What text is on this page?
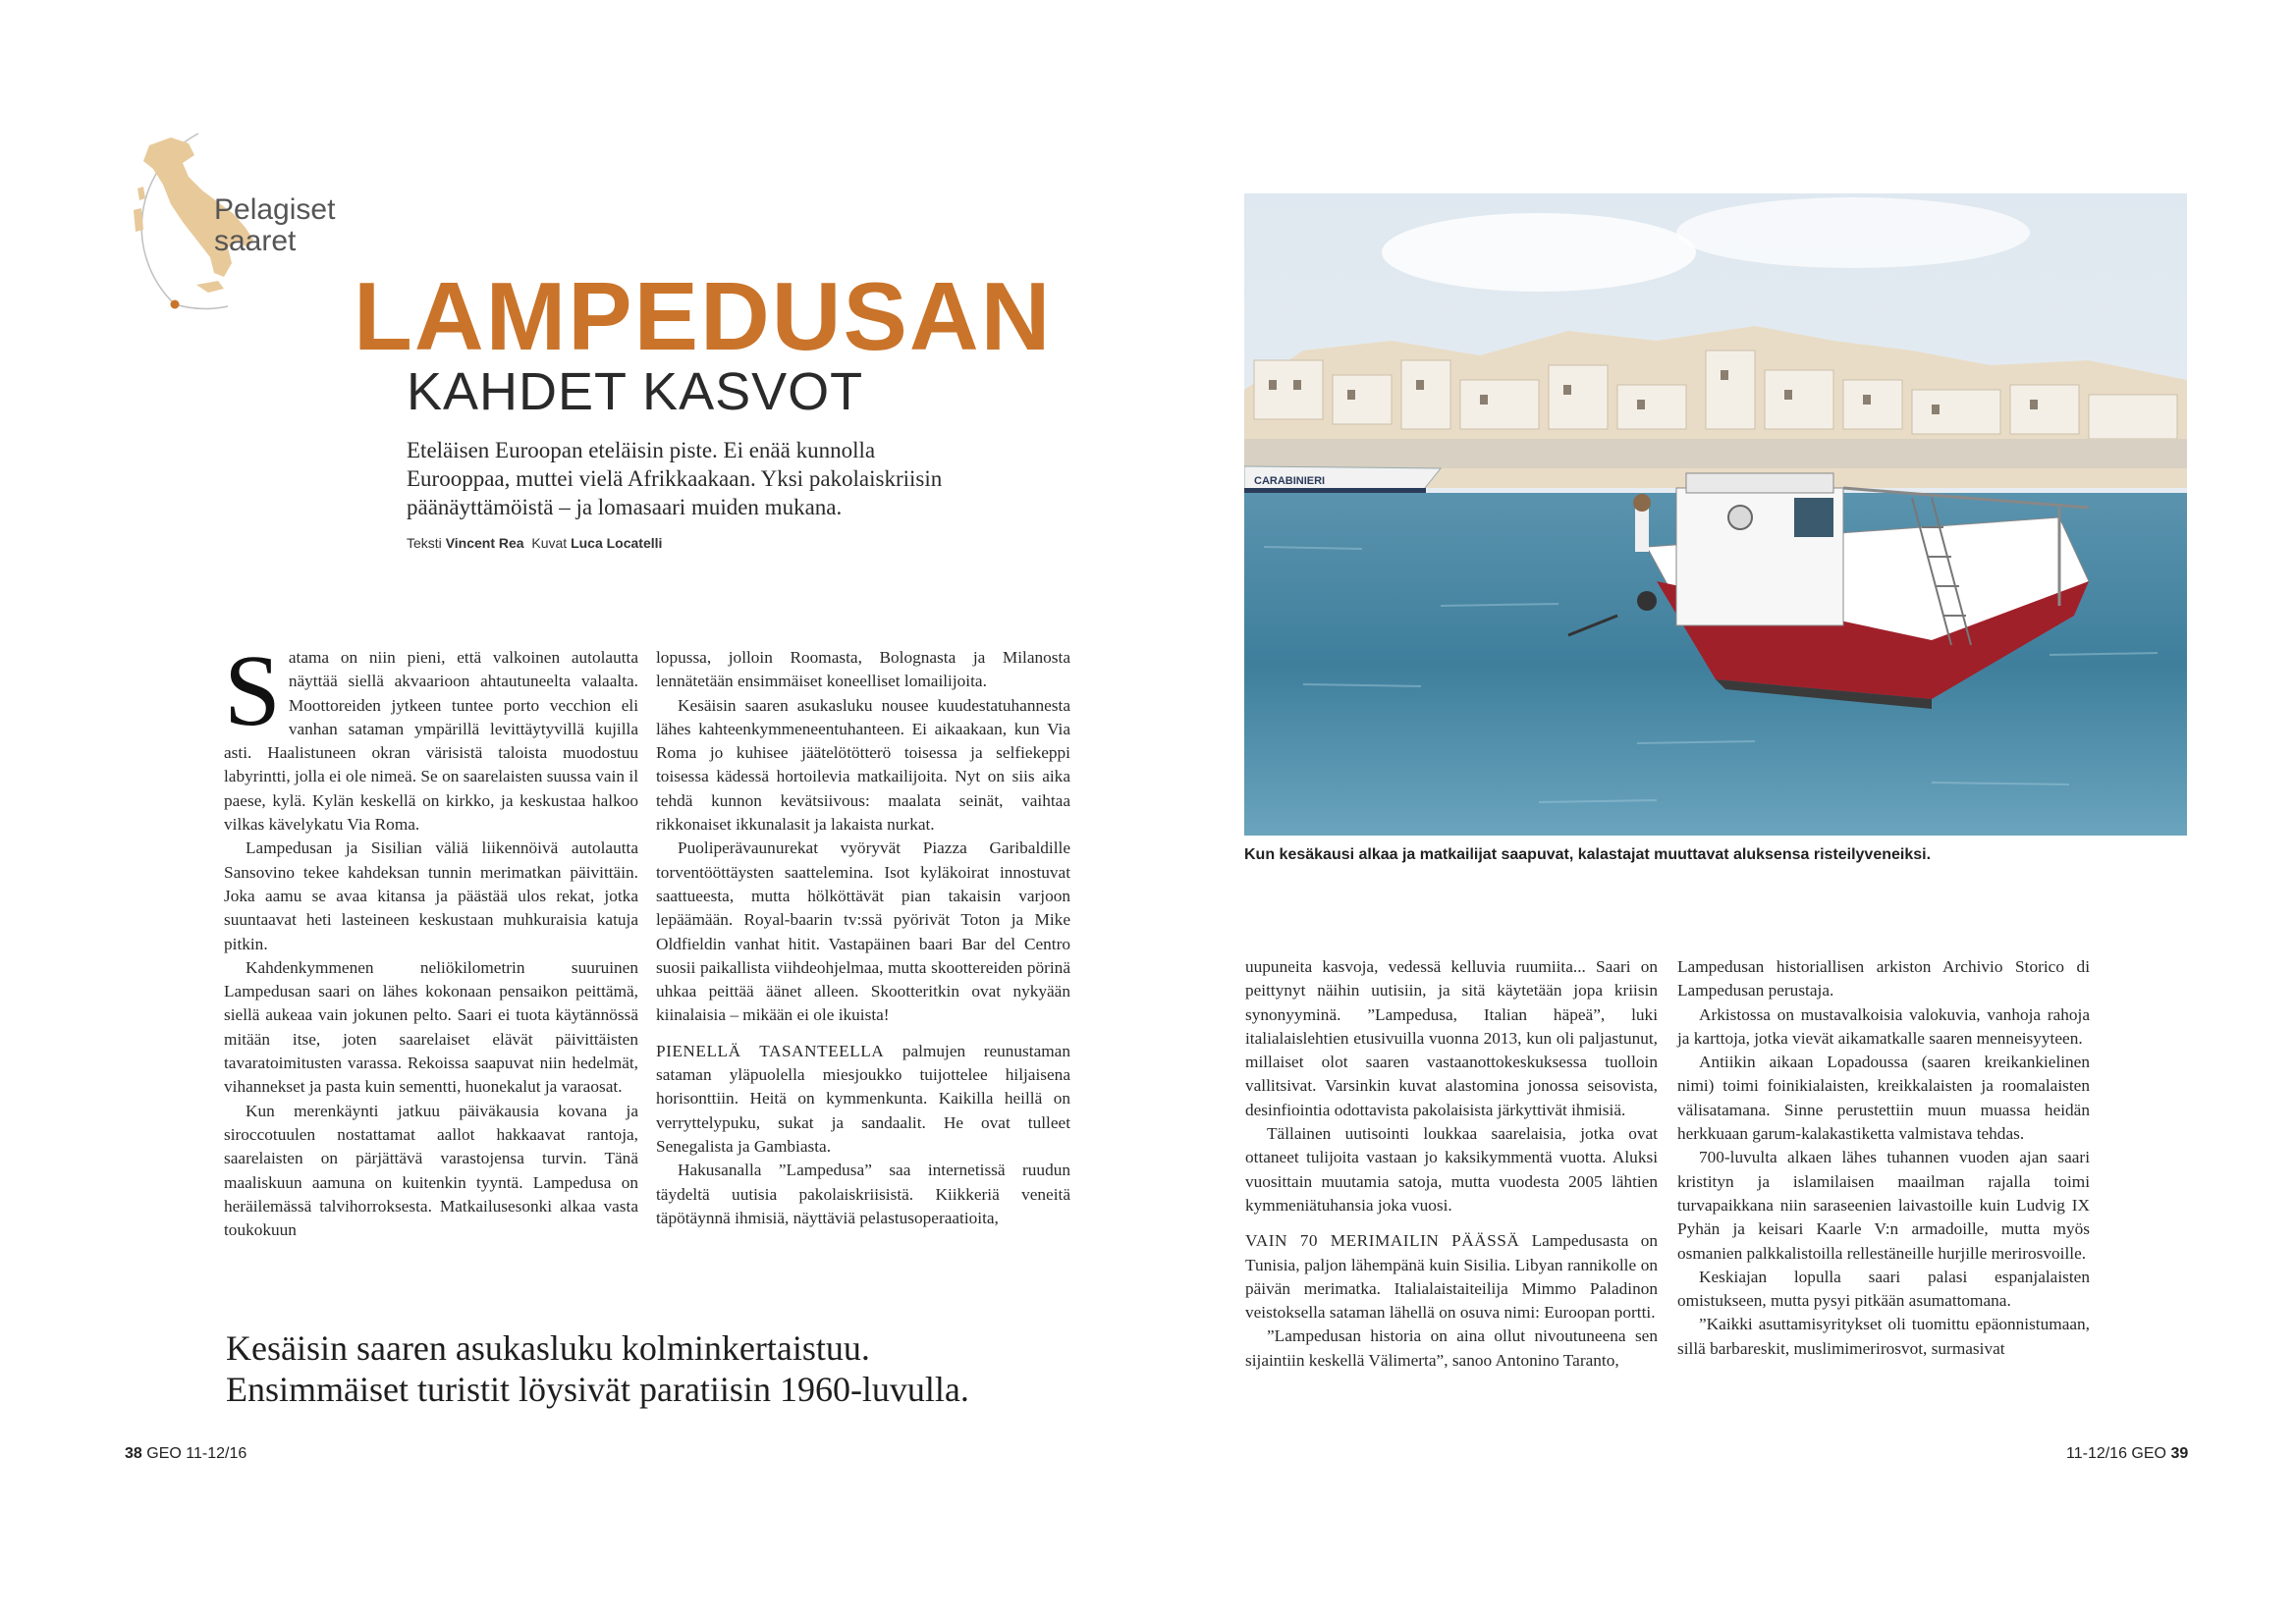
Pelagiset
saaret
LAMPEDUSAN
KAHDET KASVOT
Eteläisen Euroopan eteläisin piste. Ei enää kunnolla Eurooppaa, muttei vielä Afrikkaakaan. Yksi pakolaiskriisin päänäyttämöistä – ja lomasaari muiden mukana.
Teksti Vincent Rea Kuvat Luca Locatelli

Satama on niin pieni, että valkoinen autolautta näyttää siellä akvaarioon ahtautuneelta valaalta. Moottoreiden jytkeen tuntee porto vecchion eli vanhan sataman ympärillä levittäytyvillä kujilla asti. Haalistuneen okran värisistä taloista muodostuu labyrintti, jolla ei ole nimeä. Se on saarelaisten suussa vain il paese, kylä. Kylän keskellä on kirkko, ja keskustaa halkoo vilkas kävelykatu Via Roma.

Lampedusan ja Sisilian väliä liikennöivä autolautta Sansovino tekee kahdeksan tunnin merimatkan päivittäin. Joka aamu se avaa kitansa ja päästää ulos rekat, jotka suuntaavat heti lasteineen keskustaan muhkuraisia katuja pitkin.

Kahdenkymmenen neliökilometrin suuruinen Lampedusan saari on lähes kokonaan pensaikon peittämä, siellä aukeaa vain jokunen pelto. Saari ei tuota käytännössä mitään itse, joten saarelaiset elävät päivittäisten tavaratoimitusten varassa. Rekoissa saapuvat niin hedelmät, vihannekset ja pasta kuin sementti, huonekalut ja varaosat.

Kun merenkäynti jatkuu päiväkausia kovana ja siroccotuulen nostattamat aallot hakkaavat rantoja, saarelaisten on pärjättävä varastojensa turvin. Tänä maaliskuun aamuna on kuitenkin tyyntä. Lampedusa on heräilemässä talvihorroksesta. Matkailusesonki alkaa vasta toukokuun

lopussa, jolloin Roomasta, Bolognasta ja Milanosta lennätetään ensimmäiset koneelliset lomailijoita.

Kesäisin saaren asukasluku nousee kuudestatuhannesta lähes kahteenkymmeneentuhanteen. Ei aikaakaan, kun Via Roma jo kuhisee jäätelötötterö toisessa ja selfiekeppi toisessa kädessä hortoilevia matkailijoita. Nyt on siis aika tehdä kunnon kevätsiivous: maalata seinät, vaihtaa rikkonaiset ikkunalasit ja lakaista nurkat.

Puoliperävaunurekat vyöryvät Piazza Garibaldille torventööttäysten saattelemina. Isot kyläkoirat innostuvat saattueesta, mutta hölköttävät pian takaisin varjoon lepäämään. Royal-baarin tv:ssä pyörivät Toton ja Mike Oldfieldin vanhat hitit. Vastapäinen baari Bar del Centro suosii paikallista viihdeohjelmaa, mutta skoottereiden pörinä uhkaa peittää äänet alleen. Skootteritkin ovat nykyään kiinalaisia – mikään ei ole ikuista!

PIENELLÄ TASANTEELLA palmujen reunustaman sataman yläpuolella miesjoukko tuijottelee hiljaisena horisonttiin. Heitä on kymmenkunta. Kaikilla heillä on verryttelypuku, sukat ja sandaalit. He ovat tulleet Senegalista ja Gambiasta.

Hakusanalla ”Lampedusa” saa internetissä ruudun täydeltä uutisia pakolaiskriisistä. Kiikkeriä veneitä täpötäynnä ihmisiä, näyttäviä pelastusoperaatioita,

Kesäisin saaren asukasluku kolminkertaistuu.
Ensimmäiset turistit löysivät paratiisin 1960-luvulla.
CARABINIERI
Kun kesäkausi alkaa ja matkailijat saapuvat, kalastajat muuttavat aluksensa risteilyveneiksi.

uupuneita kasvoja, vedessä kelluvia ruumiita... Saari on peittynyt näihin uutisiin, ja sitä käytetään jopa kriisin synonyyminä. ”Lampedusa, Italian häpeä”, luki italialaislehtien etusivuilla vuonna 2013, kun oli paljastunut, millaiset olot saaren vastaanottokeskuksessa tuolloin vallitsivat. Varsinkin kuvat alastomina jonossa seisovista, desinfiointia odottavista pakolaisista järkyttivät ihmisiä.

Tällainen uutisointi loukkaa saarelaisia, jotka ovat ottaneet tulijoita vastaan jo kaksikymmentä vuotta. Aluksi vuosittain muutamia satoja, mutta vuodesta 2005 lähtien kymmeniätuhansia joka vuosi.

VAIN 70 MERIMAILIN PÄÄSSÄ Lampedusasta on Tunisia, paljon lähempänä kuin Sisilia. Libyan rannikolle on päivän merimatka. Italialaistaiteilija Mimmo Paladinon veistoksella sataman lähellä on osuva nimi: Euroopan portti.

”Lampedusan historia on aina ollut nivoutuneena sen sijaintiin keskellä Välimerta”, sanoo Antonino Taranto,

Lampedusan historiallisen arkiston Archivio Storico di Lampedusan perustaja.

Arkistossa on mustavalkoisia valokuvia, vanhoja rahoja ja karttoja, jotka vievät aikamatkalle saaren menneisyyteen.

Antiikin aikaan Lopadoussa (saaren kreikankielinen nimi) toimi foinikialaisten, kreikkalaisten ja roomalaisten välisatamana. Sinne perustettiin muun muassa heidän herkkuaan garum-kalakastiketta valmistava tehdas.

700-luvulta alkaen lähes tuhannen vuoden ajan saari kristityn ja islamilaisen maailman rajalla toimi turvapaikkana niin saraseenien laivastoille kuin Ludvig IX Pyhän ja keisari Kaarle V:n armadoille, mutta myös osmanien palkkalistoilla rellestäneille hurjille merirosvoille.

Keskiajan lopulla saari palasi espanjalaisten omistukseen, mutta pysyi pitkään asumattomana.

”Kaikki asuttamisyritykset oli tuomittu epäonnistumaan, sillä barbareskit, muslimimerirosvot, surmasivat

38 GEO 11-12/16	11-12/16 GEO 39
